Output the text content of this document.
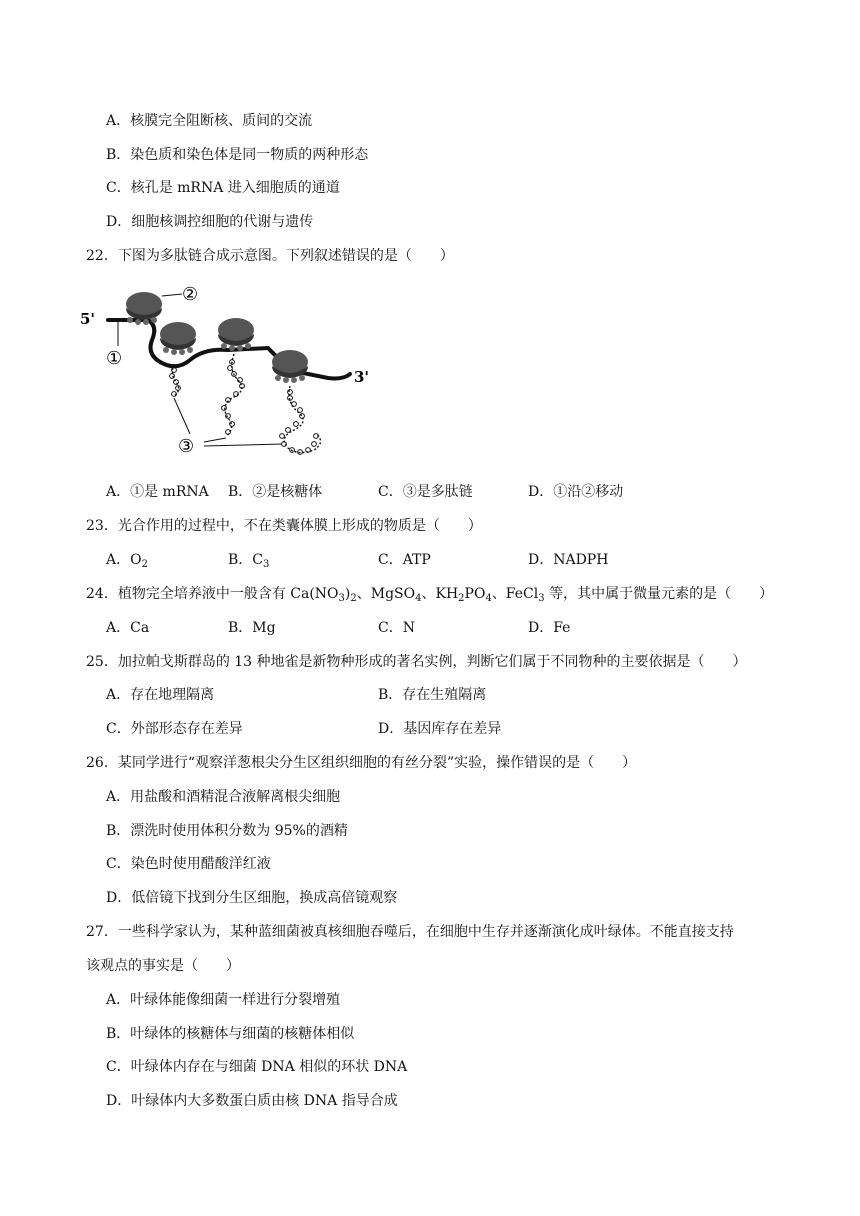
A．核膜完全阻断核、质间的交流
B．染色质和染色体是同一物质的两种形态
C．核孔是 mRNA 进入细胞质的通道
D．细胞核调控细胞的代谢与遗传
22．下图为多肽链合成示意图。下列叙述错误的是（　　）
5'
3'
①
②
③
A．①是 mRNA B．②是核糖体	C．③是多肽链	D．①沿②移动
23．光合作用的过程中，不在类囊体膜上形成的物质是（　　）
A．$O_2$	B．$C_3$	C．ATP	D．NADPH
24．植物完全培养液中一般含有 $Ca(NO_3)_2$、MgSO$_4$、$KH_2PO_4$、FeCl$_3$ 等，其中属于微量元素的是（　　）
A．Ca	B．Mg	C．N	D．Fe
25．加拉帕戈斯群岛的 13 种地雀是新物种形成的著名实例，判断它们属于不同物种的主要依据是（　　）
A．存在地理隔离	B．存在生殖隔离
C．外部形态存在差异	D．基因库存在差异
26．某同学进行“观察洋葱根尖分生区组织细胞的有丝分裂”实验，操作错误的是（　　）
A．用盐酸和酒精混合液解离根尖细胞
B．漂洗时使用体积分数为 95%的酒精
C．染色时使用醋酸洋红液
D．低倍镜下找到分生区细胞，换成高倍镜观察
27．一些科学家认为，某种蓝细菌被真核细胞吞噬后，在细胞中生存并逐渐演化成叶绿体。不能直接支持
该观点的事实是（　　）
A．叶绿体能像细菌一样进行分裂增殖
B．叶绿体的核糖体与细菌的核糖体相似
C．叶绿体内存在与细菌 DNA 相似的环状 DNA
D．叶绿体内大多数蛋白质由核 DNA 指导合成
